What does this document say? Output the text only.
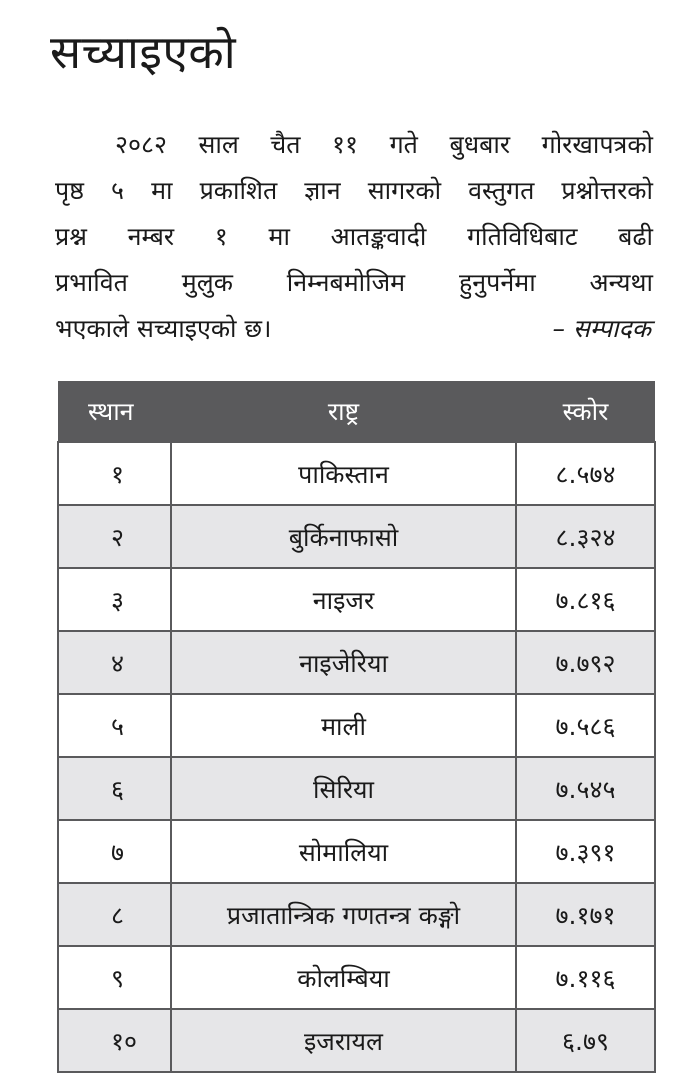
सच्याइएको
२०८२ साल चैत ११ गते बुधबार गोरखापत्रको
पृष्ठ ५ मा प्रकाशित ज्ञान सागरको वस्तुगत प्रश्नोत्तरको
प्रश्न नम्बर १ मा आतङ्कवादी गतिविधिबाट बढी
प्रभावित मुलुक निम्नबमोजिम हुनुपर्नेमा अन्यथा
भएकाले सच्याइएको छ।	– सम्पादक
स्थान	राष्ट्र	स्कोर
१	पाकिस्तान	८.५७४
२	बुर्किनाफासो	८.३२४
३	नाइजर	७.८१६
४	नाइजेरिया	७.७९२
५	माली	७.५८६
६	सिरिया	७.५४५
७	सोमालिया	७.३९१
८	प्रजातान्त्रिक गणतन्त्र कङ्गो	७.१७१
९	कोलम्बिया	७.११६
१०	इजरायल	६.७९
